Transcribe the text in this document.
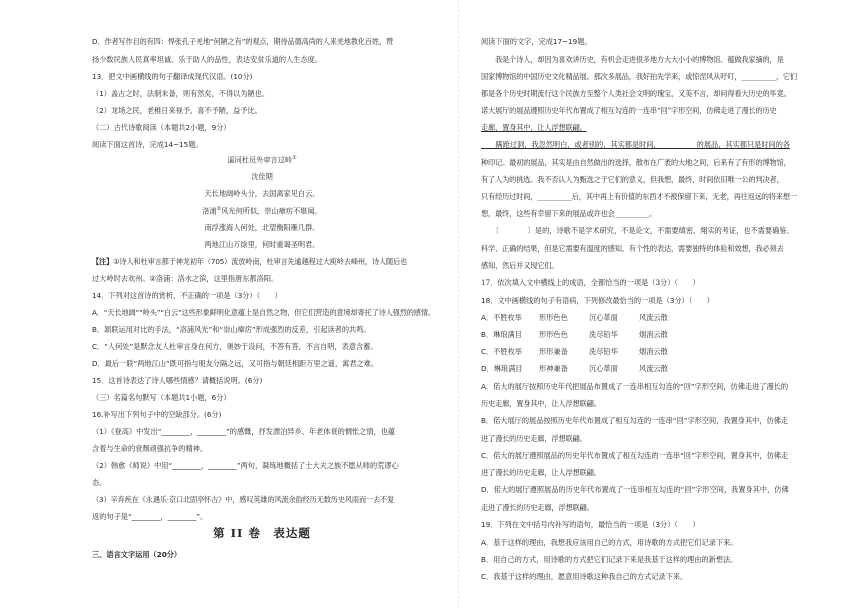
D．作者写作目的有四：悍张孔子羌地“何陋之有”的观点，期待品德高尚的人来羌地教化百姓，赞
扬少数民族人民真率坦诚、乐于助人的品性，表达安贫乐道的人生态度。
13．把文中画横线的句子翻译成现代汉语。(10分)
（1）盖古之时，法制未备，则有然矣，不得以为陋也。
（2）龙场之民，老稚日来视予，喜不予陋，益予比。
（二）古代诗歌阅读（本题共2小题，9分）
阅读下面这首诗，完成14~15题。
遥同杜员外审言过岭①
沈佺期
天长地阔岭头分，去国离家见白云。
洛浦②风光何所似，崇山瘴疠不堪闻。
南浮涨海人何处，北望衡阳雁几群。
两地江山万馀里，何时重谒圣明君。
【注】①诗人和杜审言都于神龙初年（705）流放岭南，杜审言先逾越程过大庾岭去峰州，诗人随后也
过大岭时去欢州。②洛浦：洛水之滨，这里指唐东都洛阳。
14．下列对这首诗的赏析，不正确的一项是（3分）（　　）
A．“天长地阔”“岭头”“白云”这些形象鲜明化意蕴上是自然之物，但它们营造的意境却寄托了诗人强烈的感情。
B．颔联运用对比的手法，“洛浦风光”和“崇山瘴疠”形成强烈的反差，引起读者的共鸣。
C．“人何处”是默念友人杜审言身在何方，奥妙于设问，不答有答，不言自明，表意含蓄。
D．最后一联“两地江山”既可指与朋友分隔之远，又可指与朝廷相距万里之遥，寓君之难。
15．这首诗表达了诗人哪些情感？请概括说明。(6分)
（三）名篇名句默写（本题共1小题，6分）
16.补写出下列句子中的空缺部分。(6分)
（1）《登高》中发出“________，________”的感慨，抒发漂泊异乡、年老体衰的惆怅之情，也蕴
含着与生命的衰颓顽强抗争的精神。
（2）韩愈《师说》中用“________，________”两句，凝练地概括了士大夫之族不愿从师的荒谬心
态。
（3）辛弃疾在《永遇乐·京口北固亭怀古》中，感叹英雄的风流余韵经历无数历史风雨而一去不复
返的句子是“________，________”。
第 II 卷　表达题
三、语言文字运用（20分）
阅读下面的文字，完成17~19题。
　　我是个诗人，却因为喜欢讲历史，有机会走进很多地方大大小小的博物馆。蕴做我家摘的，是
国家博物馆的中国历史文化精品展。那次多展品，我好拍先学来，或惊涅风从吁叮，__________，它们
都是各个历史时期流行这个民族方至整个人类社会文明的瑰宝，又美不言，却问得看大历史的毕竟。
诺大展厅的展品遵照历史年代布置成了相互勾连的一连串“回”字形空间，仿佛走进了漫长的历史
走廊，置身其中，让人浮想联翩。
　　蹒跄过洞，我忽然明白，或者别的，其实都是时间，__________的展品，其实都只是时间的各
种印记。最初的展品，其实是由自然做出的选择，散布在广袤的大地之间，后来有了有形的博物馆，
有了人为的挑选。我不否认人为甄选之于它们的意义，但我想，最终，时间依旧唯一公的判决者，
只有经历过时间，__________后，其中再上有价值的东西才不被保留下来，无老，再往返远的将来想一
想，最终，这些有幸留下来的展品或许也会__________。
　　〔　　　　〕是的，诗歌不是学术研究，不是论文，不需要缜密、翔实的考证，也不需要确鉴、
科学、正确的结果，但是它需要有温度的感知，有个性的表达，需要独特的体验和效想，我必须去
感知，然后并又现它们。
17．依次填入文中横线上的成语，全都恰当的一项是（3分）（　　）
18．文中画横线的句子有语病，下列修改最恰当的一项是（3分）（　　）
A．不胜枚举 形形色色	沉心革面	风流云散
B．琳琅满目 形形色色	洗尽铅华	烟消云散
C．不胜枚举 形形兼备	洗尽铅华	烟消云散
D．琳琅满目 形神兼备	沉心革面	风流云散
A．偌大的展厅按照历史年代把展品布置成了一连串相互勾连的“回”字形空间，仿佛走进了漫长的
历史走廊，置身其中，让人浮想联翩。
B．偌大展厅的展品按照历史年代布置成了相互勾连的一连串“回”字形空间，我置身其中，仿佛走
进了漫长的历史走廊，浮想联翩。
C．偌大的展厅遵照展品的历史年代布置成了相互勾连的一连串“回”字形空间，置身其中，仿佛走
进了漫长的历史走廊，让人浮想联翩。
D．偌大的展厅遵照展品的历史年代布置成了一连串相互勾连的“回”字形空间，我置身其中，仿佛
走进了漫长的历史走廊，浮想联翩。
19．下列在文中括号内补写的语句，最恰当的一项是（3分）（　　）
A．基于这样的理由，我想我应该用自己的方式，用诗歌的方式把它们记录下来。
B．用自己的方式，用诗歌的方式把它们记录下来是我基于这样的理由的新想法。
C．我基于这样的理由，愿意用诗歌这种我自己的方式记录下来。
